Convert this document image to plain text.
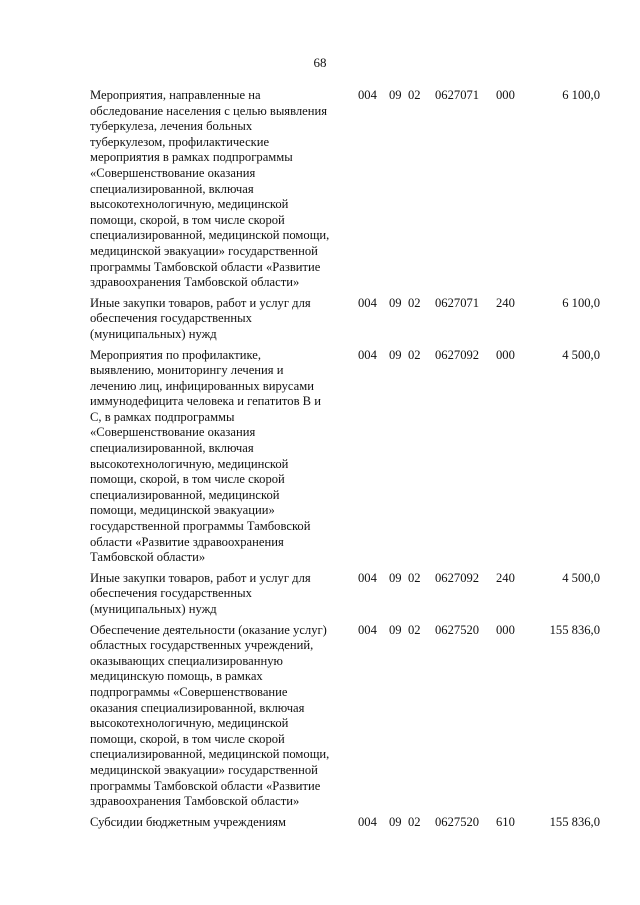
68
Мероприятия, направленные на
обследование населения с целью выявления
туберкулеза, лечения больных
туберкулезом, профилактические
мероприятия в рамках подпрограммы
«Совершенствование оказания
специализированной, включая
высокотехнологичную, медицинской
помощи, скорой, в том числе скорой
специализированной, медицинской помощи,
медицинской эвакуации» государственной
программы Тамбовской области «Развитие
здравоохранения Тамбовской области»
004 09 02 0627071 000	6 100,0
Иные закупки товаров, работ и услуг для
обеспечения государственных
(муниципальных) нужд
004 09 02 0627071 240	6 100,0
Мероприятия по профилактике,
выявлению, мониторингу лечения и
лечению лиц, инфицированных вирусами
иммунодефицита человека и гепатитов В и
С, в рамках подпрограммы
«Совершенствование оказания
специализированной, включая
высокотехнологичную, медицинской
помощи, скорой, в том числе скорой
специализированной, медицинской
помощи, медицинской эвакуации»
государственной программы Тамбовской
области «Развитие здравоохранения
Тамбовской области»
004 09 02 0627092 000	4 500,0
Иные закупки товаров, работ и услуг для
обеспечения государственных
(муниципальных) нужд
004 09 02 0627092 240	4 500,0
Обеспечение деятельности (оказание услуг)
областных государственных учреждений,
оказывающих специализированную
медицинскую помощь, в рамках
подпрограммы «Совершенствование
оказания специализированной, включая
высокотехнологичную, медицинской
помощи, скорой, в том числе скорой
специализированной, медицинской помощи,
медицинской эвакуации» государственной
программы Тамбовской области «Развитие
здравоохранения Тамбовской области»
004 09 02 0627520 000	155 836,0
Субсидии бюджетным учреждениям	004 09 02 0627520 610	155 836,0
